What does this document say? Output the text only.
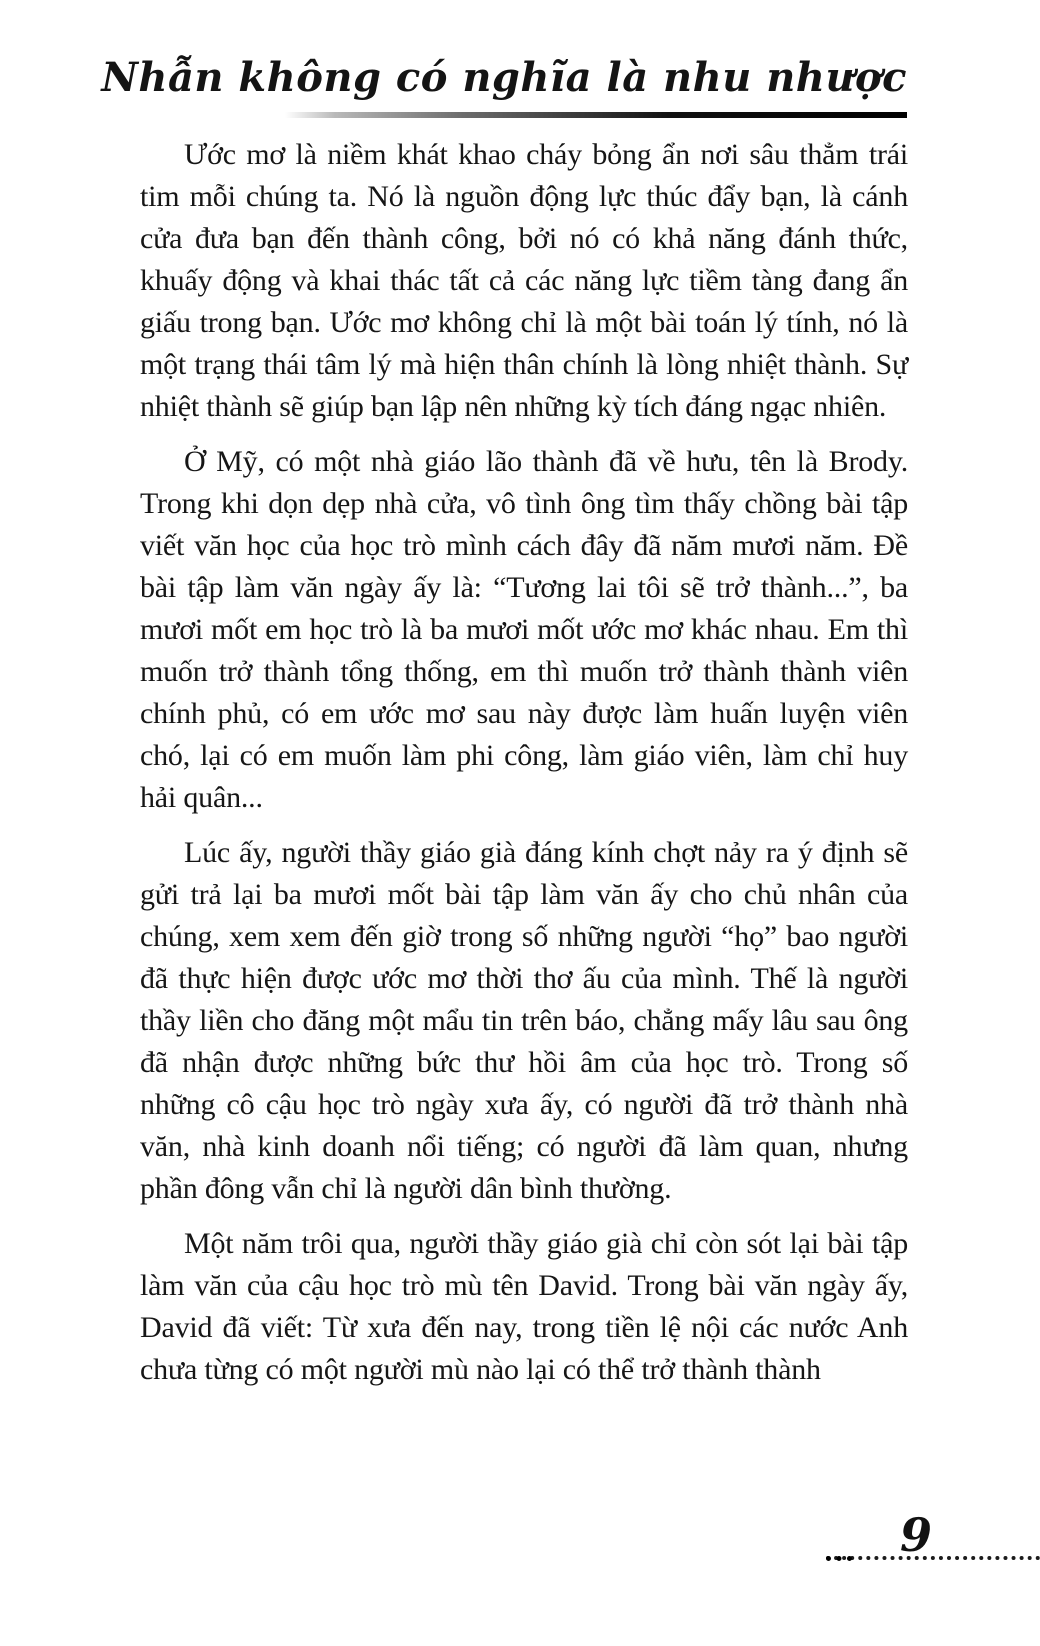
Nhẫn không có nghĩa là nhu nhược

Ước mơ là niềm khát khao cháy bỏng ẩn nơi sâu thẳm trái tim mỗi chúng ta. Nó là nguồn động lực thúc đẩy bạn, là cánh cửa đưa bạn đến thành công, bởi nó có khả năng đánh thức, khuấy động và khai thác tất cả các năng lực tiềm tàng đang ẩn giấu trong bạn. Ước mơ không chỉ là một bài toán lý tính, nó là một trạng thái tâm lý mà hiện thân chính là lòng nhiệt thành. Sự nhiệt thành sẽ giúp bạn lập nên những kỳ tích đáng ngạc nhiên.

Ở Mỹ, có một nhà giáo lão thành đã về hưu, tên là Brody. Trong khi dọn dẹp nhà cửa, vô tình ông tìm thấy chồng bài tập viết văn học của học trò mình cách đây đã năm mươi năm. Đề bài tập làm văn ngày ấy là: “Tương lai tôi sẽ trở thành...”, ba mươi mốt em học trò là ba mươi mốt ước mơ khác nhau. Em thì muốn trở thành tổng thống, em thì muốn trở thành thành viên chính phủ, có em ước mơ sau này được làm huấn luyện viên chó, lại có em muốn làm phi công, làm giáo viên, làm chỉ huy hải quân...

Lúc ấy, người thầy giáo già đáng kính chợt nảy ra ý định sẽ gửi trả lại ba mươi mốt bài tập làm văn ấy cho chủ nhân của chúng, xem xem đến giờ trong số những người “họ” bao người đã thực hiện được ước mơ thời thơ ấu của mình. Thế là người thầy liền cho đăng một mẩu tin trên báo, chẳng mấy lâu sau ông đã nhận được những bức thư hồi âm của học trò. Trong số những cô cậu học trò ngày xưa ấy, có người đã trở thành nhà văn, nhà kinh doanh nổi tiếng; có người đã làm quan, nhưng phần đông vẫn chỉ là người dân bình thường.

Một năm trôi qua, người thầy giáo già chỉ còn sót lại bài tập làm văn của cậu học trò mù tên David. Trong bài văn ngày ấy, David đã viết: Từ xưa đến nay, trong tiền lệ nội các nước Anh chưa từng có một người mù nào lại có thể trở thành thành

9
